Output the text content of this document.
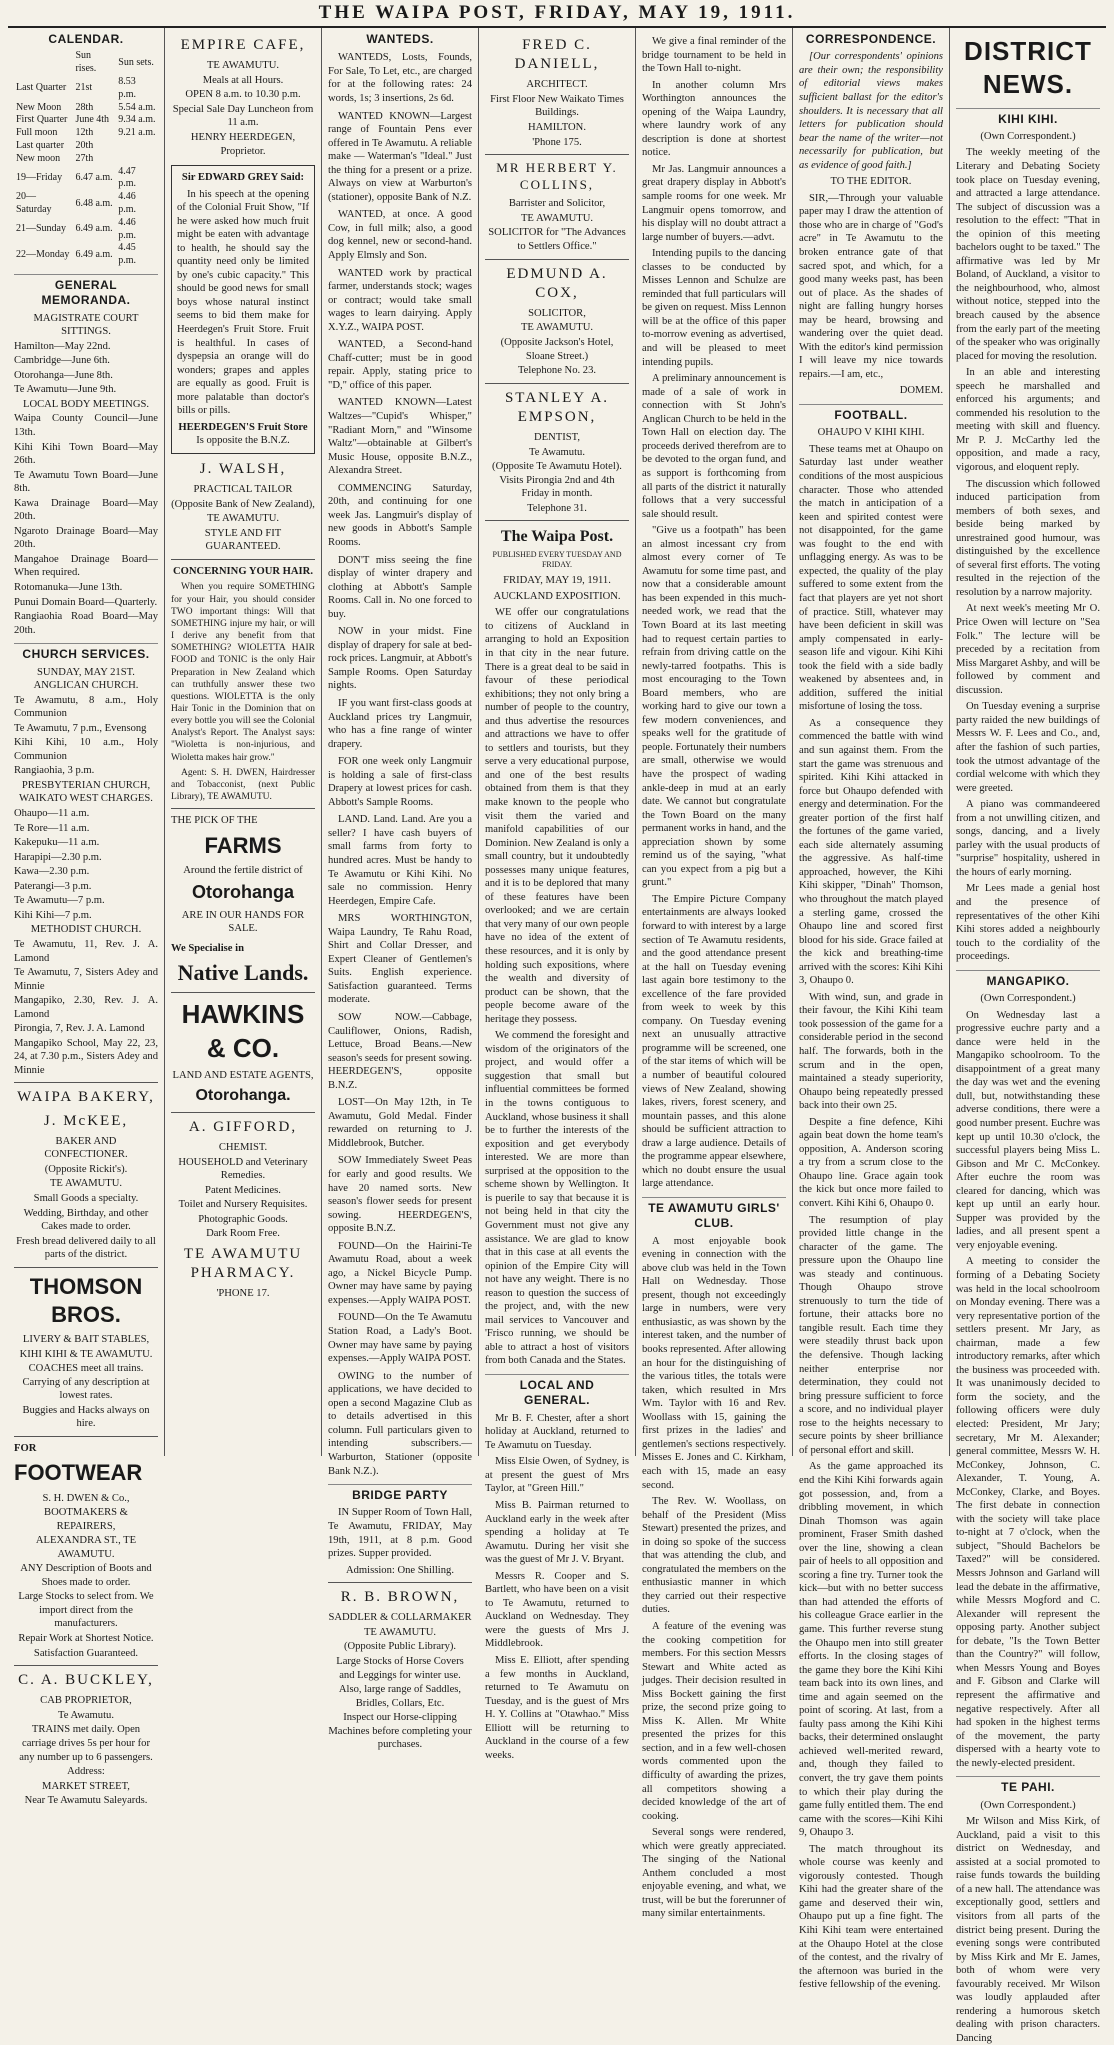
THE WAIPA POST, FRIDAY, MAY 19, 1911.
CALENDAR.
	Sun rises.	Sun sets.
Last Quarter	21st	8.53 p.m.
New Moon	28th	5.54 a.m.
First Quarter	June 4th	9.34 a.m.
Full moon	12th	9.21 a.m.
Last quarter	20th	
New moon	27th	
19—Friday	6.47 a.m.	4.47 p.m.
20—Saturday	6.48 a.m.	4.46 p.m.
21—Sunday	6.49 a.m.	4.46 p.m.
22—Monday	6.49 a.m.	4.45 p.m.
GENERAL MEMORANDA.
MAGISTRATE COURT SITTINGS.
Hamilton—May 22nd.
Cambridge—June 6th.
Otorohanga—June 8th.
Te Awamutu—June 9th.
LOCAL BODY MEETINGS.
Waipa County Council—June 13th.
Kihi Kihi Town Board—May 26th.
Te Awamutu Town Board—June 8th.
Kawa Drainage Board—May 20th.
Ngaroto Drainage Board—May 20th.
Mangahoe Drainage Board—When required.
Rotomanuka—June 13th.
Punui Domain Board—Quarterly.
Rangiaohia Road Board—May 20th.
CHURCH SERVICES.
SUNDAY, MAY 21ST.
ANGLICAN CHURCH.
Te Awamutu, 8 a.m., Holy Communion
Te Awamutu, 7 p.m., Evensong
Kihi Kihi, 10 a.m., Holy Communion
Rangiaohia, 3 p.m.
PRESBYTERIAN CHURCH, WAIKATO WEST CHARGES.
Ohaupo—11 a.m.
Te Rore—11 a.m.
Kakepuku—11 a.m.
Harapipi—2.30 p.m.
Kawa—2.30 p.m.
Paterangi—3 p.m.
Te Awamutu—7 p.m.
Kihi Kihi—7 p.m.
METHODIST CHURCH.
Te Awamutu, 11, Rev. J. A. Lamond
Te Awamutu, 7, Sisters Adey and Minnie
Mangapiko, 2.30, Rev. J. A. Lamond
Pirongia, 7, Rev. J. A. Lamond
Mangapiko School, May 22, 23, 24, at 7.30 p.m., Sisters Adey and Minnie
WAIPA BAKERY,
J. McKEE,
BAKER AND CONFECTIONER.
(Opposite Rickit's).
TE AWAMUTU.
Small Goods a specialty.
Wedding, Birthday, and other Cakes made to order.
Fresh bread delivered daily to all parts of the district.
THOMSON BROS.
LIVERY & BAIT STABLES,
KIHI KIHI & TE AWAMUTU.
COACHES meet all trains. Carrying of any description at lowest rates.
Buggies and Hacks always on hire.
FOR
FOOTWEAR
S. H. DWEN & Co.,
BOOTMAKERS & REPAIRERS,
ALEXANDRA ST., TE AWAMUTU.
ANY Description of Boots and Shoes made to order.
Large Stocks to select from. We import direct from the manufacturers.
Repair Work at Shortest Notice.
Satisfaction Guaranteed.
C. A. BUCKLEY,
CAB PROPRIETOR,
Te Awamutu.
TRAINS met daily. Open carriage drives 5s per hour for any number up to 6 passengers.
Address:
MARKET STREET,
Near Te Awamutu Saleyards.
EMPIRE CAFE,
TE AWAMUTU.
Meals at all Hours.
OPEN 8 a.m. to 10.30 p.m.
Special Sale Day Luncheon from 11 a.m.
HENRY HEERDEGEN,
Proprietor.
Sir EDWARD GREY Said:

In his speech at the opening of the Colonial Fruit Show, "If he were asked how much fruit might be eaten with advantage to health, he should say the quantity need only be limited by one's cubic capacity." This should be good news for small boys whose natural instinct seems to bid them make for Heerdegen's Fruit Store. Fruit is healthful. In cases of dyspepsia an orange will do wonders; grapes and apples are equally as good. Fruit is more palatable than doctor's bills or pills.

HEERDEGEN'S Fruit Store
Is opposite the B.N.Z.
J. WALSH,
PRACTICAL TAILOR
(Opposite Bank of New Zealand),
TE AWAMUTU.
STYLE AND FIT GUARANTEED.
CONCERNING YOUR HAIR.

When you require SOMETHING for your Hair, you should consider TWO important things: Will that SOMETHING injure my hair, or will I derive any benefit from that SOMETHING? WIOLETTA HAIR FOOD and TONIC is the only Hair Preparation in New Zealand which can truthfully answer these two questions. WIOLETTA is the only Hair Tonic in the Dominion that on every bottle you will see the Colonial Analyst's Report. The Analyst says: "Wioletta is non-injurious, and Wioletta makes hair grow."

Agent: S. H. DWEN, Hairdresser and Tobacconist, (next Public Library), TE AWAMUTU.

THE PICK OF THE
FARMS
Around the fertile district of
Otorohanga
ARE IN OUR HANDS FOR SALE.
We Specialise in
Native Lands.
HAWKINS & CO.
LAND AND ESTATE AGENTS,
Otorohanga.
A. GIFFORD,
CHEMIST.
HOUSEHOLD and Veterinary Remedies.
Patent Medicines.
Toilet and Nursery Requisites.
Photographic Goods.
Dark Room Free.
TE AWAMUTU PHARMACY.
'PHONE 17.
WANTEDS.

WANTEDS, Losts, Founds, For Sale, To Let, etc., are charged for at the following rates: 24 words, 1s; 3 insertions, 2s 6d.

WANTED KNOWN—Largest range of Fountain Pens ever offered in Te Awamutu. A reliable make — Waterman's "Ideal." Just the thing for a present or a prize. Always on view at Warburton's (stationer), opposite Bank of N.Z.

WANTED, at once. A good Cow, in full milk; also, a good dog kennel, new or second-hand. Apply Elmsly and Son.

WANTED work by practical farmer, understands stock; wages or contract; would take small wages to learn dairying. Apply X.Y.Z., WAIPA POST.

WANTED, a Second-hand Chaff-cutter; must be in good repair. Apply, stating price to "D," office of this paper.

WANTED KNOWN—Latest Waltzes—"Cupid's Whisper," "Radiant Morn," and "Winsome Waltz"—obtainable at Gilbert's Music House, opposite B.N.Z., Alexandra Street.

COMMENCING Saturday, 20th, and continuing for one week Jas. Langmuir's display of new goods in Abbott's Sample Rooms.

DON'T miss seeing the fine display of winter drapery and clothing at Abbott's Sample Rooms. Call in. No one forced to buy.

NOW in your midst. Fine display of drapery for sale at bed-rock prices. Langmuir, at Abbott's Sample Rooms. Open Saturday nights.

IF you want first-class goods at Auckland prices try Langmuir, who has a fine range of winter drapery.

FOR one week only Langmuir is holding a sale of first-class Drapery at lowest prices for cash. Abbott's Sample Rooms.

LAND. Land. Land. Are you a seller? I have cash buyers of small farms from forty to hundred acres. Must be handy to Te Awamutu or Kihi Kihi. No sale no commission. Henry Heerdegen, Empire Cafe.

MRS WORTHINGTON, Waipa Laundry, Te Rahu Road, Shirt and Collar Dresser, and Expert Cleaner of Gentlemen's Suits. English experience. Satisfaction guaranteed. Terms moderate.

SOW NOW.—Cabbage, Cauliflower, Onions, Radish, Lettuce, Broad Beans.—New season's seeds for present sowing. HEERDEGEN'S, opposite B.N.Z.

LOST—On May 12th, in Te Awamutu, Gold Medal. Finder rewarded on returning to J. Middlebrook, Butcher.

SOW Immediately Sweet Peas for early and good results. We have 20 named sorts. New season's flower seeds for present sowing. HEERDEGEN'S, opposite B.N.Z.

FOUND—On the Hairini-Te Awamutu Road, about a week ago, a Nickel Bicycle Pump. Owner may have same by paying expenses.—Apply WAIPA POST.

FOUND—On the Te Awamutu Station Road, a Lady's Boot. Owner may have same by paying expenses.—Apply WAIPA POST.

OWING to the number of applications, we have decided to open a second Magazine Club as to details advertised in this column. Full particulars given to intending subscribers.—Warburton, Stationer (opposite Bank N.Z.).

BRIDGE PARTY

IN Supper Room of Town Hall, Te Awamutu, FRIDAY, May 19th, 1911, at 8 p.m. Good prizes. Supper provided.

Admission: One Shilling.
R. B. BROWN,
SADDLER & COLLARMAKER
TE AWAMUTU.
(Opposite Public Library).
Large Stocks of Horse Covers and Leggings for winter use.
Also, large range of Saddles, Bridles, Collars, Etc.
Inspect our Horse-clipping Machines before completing your purchases.
FRED C. DANIELL,
ARCHITECT.
First Floor New Waikato Times Buildings.
HAMILTON.
'Phone 175.
MR HERBERT Y. COLLINS,
Barrister and Solicitor,
TE AWAMUTU.
SOLICITOR for "The Advances to Settlers Office."
EDMUND A. COX,
SOLICITOR,
TE AWAMUTU.
(Opposite Jackson's Hotel, Sloane Street.)
Telephone No. 23.
STANLEY A. EMPSON,
DENTIST,
Te Awamutu.
(Opposite Te Awamutu Hotel). Visits Pirongia 2nd and 4th Friday in month.
Telephone 31.
The Waipa Post.
PUBLISHED EVERY TUESDAY AND FRIDAY.
FRIDAY, MAY 19, 1911.
AUCKLAND EXPOSITION.

WE offer our congratulations to citizens of Auckland in arranging to hold an Exposition in that city in the near future. There is a great deal to be said in favour of these periodical exhibitions; they not only bring a number of people to the country, and thus advertise the resources and attractions we have to offer to settlers and tourists, but they serve a very educational purpose, and one of the best results obtained from them is that they make known to the people who visit them the varied and manifold capabilities of our Dominion. New Zealand is only a small country, but it undoubtedly possesses many unique features, and it is to be deplored that many of these features have been overlooked; and we are certain that very many of our own people have no idea of the extent of these resources, and it is only by holding such expositions, where the wealth and diversity of product can be shown, that the people become aware of the heritage they possess.

We commend the foresight and wisdom of the originators of the project, and would offer a suggestion that small but influential committees be formed in the towns contiguous to Auckland, whose business it shall be to further the interests of the exposition and get everybody interested. We are more than surprised at the opposition to the scheme shown by Wellington. It is puerile to say that because it is not being held in that city the Government must not give any assistance. We are glad to know that in this case at all events the opinion of the Empire City will not have any weight. There is no reason to question the success of the project, and, with the new mail services to Vancouver and 'Frisco running, we should be able to attract a host of visitors from both Canada and the States.

LOCAL AND GENERAL.

Mr B. F. Chester, after a short holiday at Auckland, returned to Te Awamutu on Tuesday.

Miss Elsie Owen, of Sydney, is at present the guest of Mrs Taylor, at "Green Hill."

Miss B. Pairman returned to Auckland early in the week after spending a holiday at Te Awamutu. During her visit she was the guest of Mr J. V. Bryant.

Messrs R. Cooper and S. Bartlett, who have been on a visit to Te Awamutu, returned to Auckland on Wednesday. They were the guests of Mrs J. Middlebrook.

Miss E. Elliott, after spending a few months in Auckland, returned to Te Awamutu on Tuesday, and is the guest of Mrs H. Y. Collins at "Otawhao." Miss Elliott will be returning to Auckland in the course of a few weeks.

We give a final reminder of the bridge tournament to be held in the Town Hall to-night.

In another column Mrs Worthington announces the opening of the Waipa Laundry, where laundry work of any description is done at shortest notice.

Mr Jas. Langmuir announces a great drapery display in Abbott's sample rooms for one week. Mr Langmuir opens tomorrow, and his display will no doubt attract a large number of buyers.—advt.

Intending pupils to the dancing classes to be conducted by Misses Lennon and Schulze are reminded that full particulars will be given on request. Miss Lennon will be at the office of this paper to-morrow evening as advertised, and will be pleased to meet intending pupils.

A preliminary announcement is made of a sale of work in connection with St John's Anglican Church to be held in the Town Hall on election day. The proceeds derived therefrom are to be devoted to the organ fund, and as support is forthcoming from all parts of the district it naturally follows that a very successful sale should result.

"Give us a footpath" has been an almost incessant cry from almost every corner of Te Awamutu for some time past, and now that a considerable amount has been expended in this much-needed work, we read that the Town Board at its last meeting had to request certain parties to refrain from driving cattle on the newly-tarred footpaths. This is most encouraging to the Town Board members, who are working hard to give our town a few modern conveniences, and speaks well for the gratitude of people. Fortunately their numbers are small, otherwise we would have the prospect of wading ankle-deep in mud at an early date. We cannot but congratulate the Town Board on the many permanent works in hand, and the appreciation shown by some remind us of the saying, "what can you expect from a pig but a grunt."

The Empire Picture Company entertainments are always looked forward to with interest by a large section of Te Awamutu residents, and the good attendance present at the hall on Tuesday evening last again bore testimony to the excellence of the fare provided from week to week by this company. On Tuesday evening next an unusually attractive programme will be screened, one of the star items of which will be a number of beautiful coloured views of New Zealand, showing lakes, rivers, forest scenery, and mountain passes, and this alone should be sufficient attraction to draw a large audience. Details of the programme appear elsewhere, which no doubt ensure the usual large attendance.

TE AWAMUTU GIRLS' CLUB.

A most enjoyable book evening in connection with the above club was held in the Town Hall on Wednesday. Those present, though not exceedingly large in numbers, were very enthusiastic, as was shown by the interest taken, and the number of books represented. After allowing an hour for the distinguishing of the various titles, the totals were taken, which resulted in Mrs Wm. Taylor with 16 and Rev. Woollass with 15, gaining the first prizes in the ladies' and gentlemen's sections respectively. Misses E. Jones and C. Kirkham, each with 15, made an easy second.

The Rev. W. Woollass, on behalf of the President (Miss Stewart) presented the prizes, and in doing so spoke of the success that was attending the club, and congratulated the members on the enthusiastic manner in which they carried out their respective duties.

A feature of the evening was the cooking competition for members. For this section Messrs Stewart and White acted as judges. Their decision resulted in Miss Bockett gaining the first prize, the second prize going to Miss K. Allen. Mr White presented the prizes for this section, and in a few well-chosen words commented upon the difficulty of awarding the prizes, all competitors showing a decided knowledge of the art of cooking.

Several songs were rendered, which were greatly appreciated. The singing of the National Anthem concluded a most enjoyable evening, and what, we trust, will be but the forerunner of many similar entertainments.

CORRESPONDENCE.

[Our correspondents' opinions are their own; the responsibility of editorial views makes sufficient ballast for the editor's shoulders. It is necessary that all letters for publication should bear the name of the writer—not necessarily for publication, but as evidence of good faith.]

TO THE EDITOR.

SIR,—Through your valuable paper may I draw the attention of those who are in charge of "God's acre" in Te Awamutu to the broken entrance gate of that sacred spot, and which, for a good many weeks past, has been out of place. As the shades of night are falling hungry horses may be heard, browsing and wandering over the quiet dead. With the editor's kind permission I will leave my nice towards repairs.—I am, etc.,

DOMEM.
FOOTBALL.
OHAUPO V KIHI KIHI.

These teams met at Ohaupo on Saturday last under weather conditions of the most auspicious character. Those who attended the match in anticipation of a keen and spirited contest were not disappointed, for the game was fought to the end with unflagging energy. As was to be expected, the quality of the play suffered to some extent from the fact that players are yet not short of practice. Still, whatever may have been deficient in skill was amply compensated in early-season life and vigour. Kihi Kihi took the field with a side badly weakened by absentees and, in addition, suffered the initial misfortune of losing the toss.

As a consequence they commenced the battle with wind and sun against them. From the start the game was strenuous and spirited. Kihi Kihi attacked in force but Ohaupo defended with energy and determination. For the greater portion of the first half the fortunes of the game varied, each side alternately assuming the aggressive. As half-time approached, however, the Kihi Kihi skipper, "Dinah" Thomson, who throughout the match played a sterling game, crossed the Ohaupo line and scored first blood for his side. Grace failed at the kick and breathing-time arrived with the scores: Kihi Kihi 3, Ohaupo 0.

With wind, sun, and grade in their favour, the Kihi Kihi team took possession of the game for a considerable period in the second half. The forwards, both in the scrum and in the open, maintained a steady superiority, Ohaupo being repeatedly pressed back into their own 25.

Despite a fine defence, Kihi again beat down the home team's opposition, A. Anderson scoring a try from a scrum close to the Ohaupo line. Grace again took the kick but once more failed to convert. Kihi Kihi 6, Ohaupo 0.

The resumption of play provided little change in the character of the game. The pressure upon the Ohaupo line was steady and continuous. Though Ohaupo strove strenuously to turn the tide of fortune, their attacks bore no tangible result. Each time they were steadily thrust back upon the defensive. Though lacking neither enterprise nor determination, they could not bring pressure sufficient to force a score, and no individual player rose to the heights necessary to secure points by sheer brilliance of personal effort and skill.

As the game approached its end the Kihi Kihi forwards again got possession, and, from a dribbling movement, in which Dinah Thomson was again prominent, Fraser Smith dashed over the line, showing a clean pair of heels to all opposition and scoring a fine try. Turner took the kick—but with no better success than had attended the efforts of his colleague Grace earlier in the game. This further reverse stung the Ohaupo men into still greater efforts. In the closing stages of the game they bore the Kihi Kihi team back into its own lines, and time and again seemed on the point of scoring. At last, from a faulty pass among the Kihi Kihi backs, their determined onslaught achieved well-merited reward, and, though they failed to convert, the try gave them points to which their play during the game fully entitled them. The end came with the scores—Kihi Kihi 9, Ohaupo 3.

The match throughout its whole course was keenly and vigorously contested. Though Kihi had the greater share of the game and deserved their win, Ohaupo put up a fine fight. The Kihi Kihi team were entertained at the Ohaupo Hotel at the close of the contest, and the rivalry of the afternoon was buried in the festive fellowship of the evening.

DISTRICT NEWS.
KIHI KIHI.
(Own Correspondent.)

The weekly meeting of the Literary and Debating Society took place on Tuesday evening, and attracted a large attendance. The subject of discussion was a resolution to the effect: "That in the opinion of this meeting bachelors ought to be taxed." The affirmative was led by Mr Boland, of Auckland, a visitor to the neighbourhood, who, almost without notice, stepped into the breach caused by the absence from the early part of the meeting of the speaker who was originally placed for moving the resolution.

In an able and interesting speech he marshalled and enforced his arguments; and commended his resolution to the meeting with skill and fluency. Mr P. J. McCarthy led the opposition, and made a racy, vigorous, and eloquent reply.

The discussion which followed induced participation from members of both sexes, and beside being marked by unrestrained good humour, was distinguished by the excellence of several first efforts. The voting resulted in the rejection of the resolution by a narrow majority.

At next week's meeting Mr O. Price Owen will lecture on "Sea Folk." The lecture will be preceded by a recitation from Miss Margaret Ashby, and will be followed by comment and discussion.

On Tuesday evening a surprise party raided the new buildings of Messrs W. F. Lees and Co., and, after the fashion of such parties, took the utmost advantage of the cordial welcome with which they were greeted.

A piano was commandeered from a not unwilling citizen, and songs, dancing, and a lively parley with the usual products of "surprise" hospitality, ushered in the hours of early morning.

Mr Lees made a genial host and the presence of representatives of the other Kihi Kihi stores added a neighbourly touch to the cordiality of the proceedings.

MANGAPIKO.
(Own Correspondent.)

On Wednesday last a progressive euchre party and a dance were held in the Mangapiko schoolroom. To the disappointment of a great many the day was wet and the evening dull, but, notwithstanding these adverse conditions, there were a good number present. Euchre was kept up until 10.30 o'clock, the successful players being Miss L. Gibson and Mr C. McConkey. After euchre the room was cleared for dancing, which was kept up until an early hour. Supper was provided by the ladies, and all present spent a very enjoyable evening.

A meeting to consider the forming of a Debating Society was held in the local schoolroom on Monday evening. There was a very representative portion of the settlers present. Mr Jary, as chairman, made a few introductory remarks, after which the business was proceeded with. It was unanimously decided to form the society, and the following officers were duly elected: President, Mr Jary; secretary, Mr M. Alexander; general committee, Messrs W. H. McConkey, Johnson, C. Alexander, T. Young, A. McConkey, Clarke, and Boyes. The first debate in connection with the society will take place to-night at 7 o'clock, when the subject, "Should Bachelors be Taxed?" will be considered. Messrs Johnson and Garland will lead the debate in the affirmative, while Messrs Mogford and C. Alexander will represent the opposing party. Another subject for debate, "Is the Town Better than the Country?" will follow, when Messrs Young and Boyes and F. Gibson and Clarke will represent the affirmative and negative respectively. After all had spoken in the highest terms of the movement, the party dispersed with a hearty vote to the newly-elected president.

TE PAHI.
(Own Correspondent.)

Mr Wilson and Miss Kirk, of Auckland, paid a visit to this district on Wednesday, and assisted at a social promoted to raise funds towards the building of a new hall. The attendance was exceptionally good, settlers and visitors from all parts of the district being present. During the evening songs were contributed by Miss Kirk and Mr E. James, both of whom were very favourably received. Mr Wilson was loudly applauded after rendering a humorous sketch dealing with prison characters. Dancing
